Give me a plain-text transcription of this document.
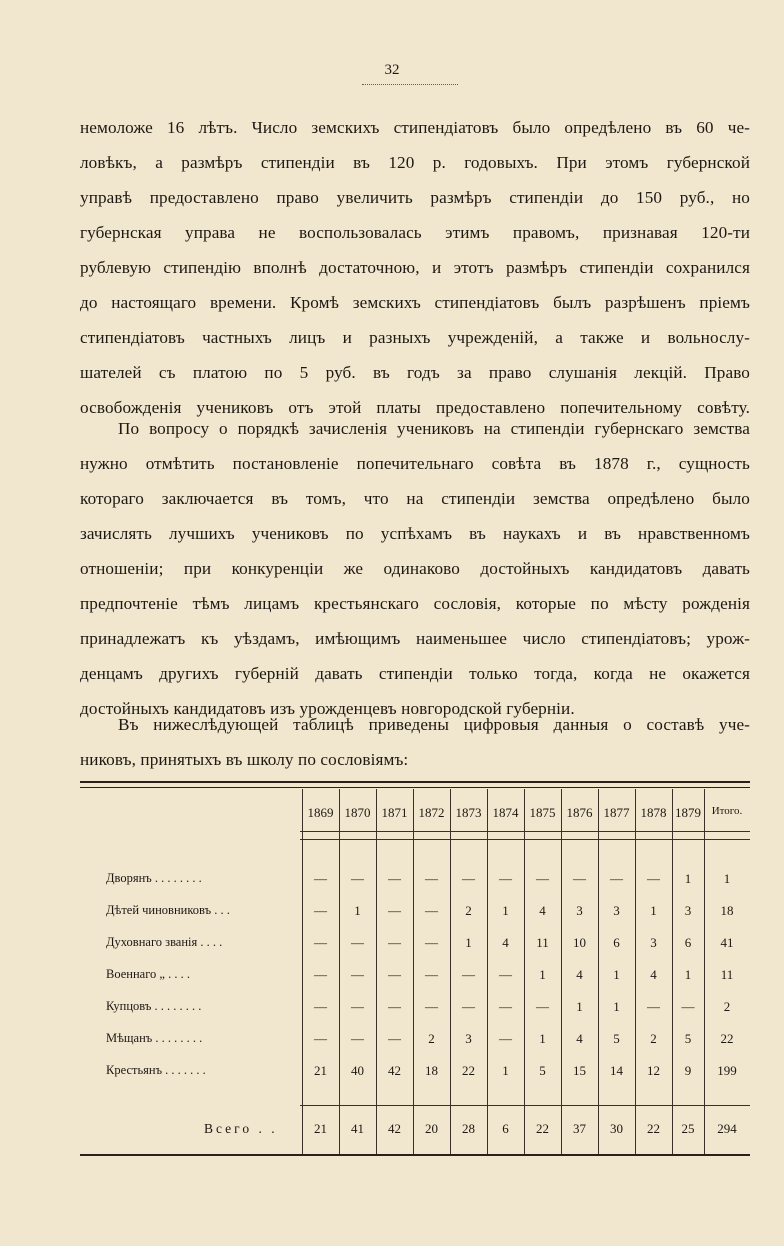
32
немоложе 16 лѣтъ. Число земскихъ стипендіатовъ было опредѣлено въ 60 че-
ловѣкъ, а размѣръ стипендіи въ 120 р. годовыхъ. При этомъ губернской
управѣ предоставлено право увеличить размѣръ стипендіи до 150 руб., но
губернская управа не воспользовалась этимъ правомъ, признавая 120-ти
рублевую стипендію вполнѣ достаточною, и этотъ размѣръ стипендіи сохранился
до настоящаго времени. Кромѣ земскихъ стипендіатовъ былъ разрѣшенъ пріемъ
стипендіатовъ частныхъ лицъ и разныхъ учрежденій, а также и вольнослу-
шателей съ платою по 5 руб. въ годъ за право слушанія лекцій. Право
освобожденія учениковъ отъ этой платы предоставлено попечительному совѣту.
По вопросу о порядкѣ зачисленія учениковъ на стипендіи губернскаго земства
нужно отмѣтить постановленіе попечительнаго совѣта въ 1878 г., сущность
котораго заключается въ томъ, что на стипендіи земства опредѣлено было
зачислять лучшихъ учениковъ по успѣхамъ въ наукахъ и въ нравственномъ
отношеніи; при конкуренціи же одинаково достойныхъ кандидатовъ давать
предпочтеніе тѣмъ лицамъ крестьянскаго сословія, которые по мѣсту рожденія
принадлежатъ къ уѣздамъ, имѣющимъ наименьшее число стипендіатовъ; урож-
денцамъ другихъ губерній давать стипендіи только тогда, когда не окажется
достойныхъ кандидатовъ изъ урожденцевъ новгородской губерніи.
Въ нижеслѣдующей таблицѣ приведены цифровыя данныя о составѣ уче-
никовъ, принятыхъ въ школу по сословіямъ:
1869 1870 1871 1872 1873 1874 1875 1876 1877 1878 1879 Итого.
Дворянъ . . . . . . . .	—	—	—	—	—	—	—	—	—	—	1	1
Дѣтей чиновниковъ . . .	—	1	—	—	2	1	4	3	3	1	3	18
Духовнаго званія . . . .	—	—	—	—	1	4	11	10	6	3	6	41
Военнаго „ . . . .	—	—	—	—	—	—	1	4	1	4	1	11
Купцовъ . . . . . . . .	—	—	—	—	—	—	—	1	1	—	—	2
Мѣщанъ . . . . . . . .	—	—	—	2	3	—	1	4	5	2	5	22
Крестьянъ . . . . . . .	21	40	42	18	22	1	5	15	14	12	9	199
Всего . .	21	41	42	20	28	6	22	37	30	22	25	294
